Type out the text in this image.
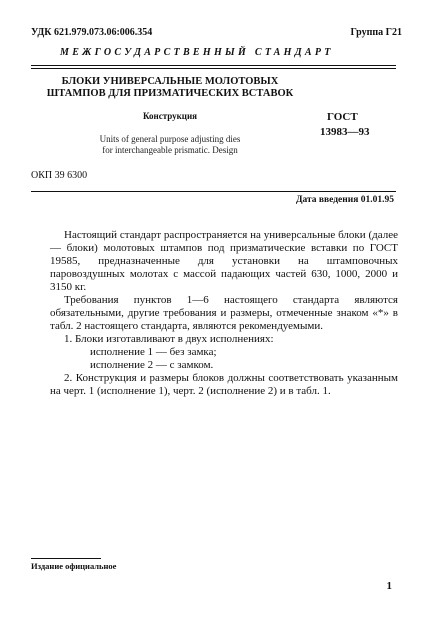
УДК 621.979.073.06:006.354	Группа Г21
МЕЖГОСУДАРСТВЕННЫЙ СТАНДАРТ
БЛОКИ УНИВЕРСАЛЬНЫЕ МОЛОТОВЫХ
ШТАМПОВ ДЛЯ ПРИЗМАТИЧЕСКИХ ВСТАВОК
Конструкция
Units of general purpose adjusting dies
for interchangeable prismatic. Design
ГОСТ
13983—93
ОКП 39 6300
Дата введения 01.01.95

Настоящий стандарт распространяется на универсальные блоки (далее — блоки) молотовых штампов под призматические вставки по ГОСТ 19585, предназначенные для установки на штамповочных паровоздушных молотах с массой падающих частей 630, 1000, 2000 и 3150 кг.

Требования пунктов 1—6 настоящего стандарта являются обязательными, другие требования и размеры, отмеченные знаком «*» в табл. 2 настоящего стандарта, являются рекомендуемыми.

1. Блоки изготавливают в двух исполнениях:

исполнение 1 — без замка;

исполнение 2 — с замком.

2. Конструкция и размеры блоков должны соответствовать указанным на черт. 1 (исполнение 1), черт. 2 (исполнение 2) и в табл. 1.

Издание официальное
1
